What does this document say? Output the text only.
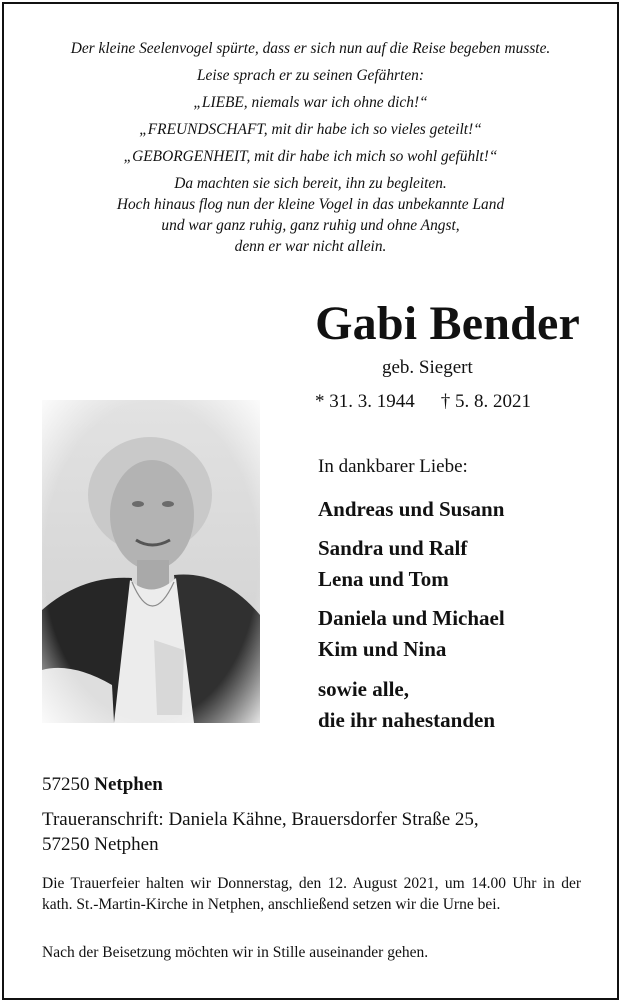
Der kleine Seelenvogel spürte, dass er sich nun auf die Reise begeben musste.
Leise sprach er zu seinen Gefährten:
„LIEBE, niemals war ich ohne dich!“
„FREUNDSCHAFT, mit dir habe ich so vieles geteilt!“
„GEBORGENHEIT, mit dir habe ich mich so wohl gefühlt!“
Da machten sie sich bereit, ihn zu begleiten.
Hoch hinaus flog nun der kleine Vogel in das unbekannte Land
und war ganz ruhig, ganz ruhig und ohne Angst,
denn er war nicht allein.
Gabi Bender
geb. Siegert
* 31. 3. 1944 † 5. 8. 2021
In dankbarer Liebe:
Andreas und Susann
Sandra und Ralf
Lena und Tom
Daniela und Michael
Kim und Nina
sowie alle,
die ihr nahestanden
57250 Netphen
Traueranschrift: Daniela Kähne, Brauersdorfer Straße 25,
57250 Netphen
Die Trauerfeier halten wir Donnerstag, den 12. August 2021, um 14.00 Uhr in der kath. St.-Martin-Kirche in Netphen, anschließend setzen wir die Urne bei.
Nach der Beisetzung möchten wir in Stille auseinander gehen.
